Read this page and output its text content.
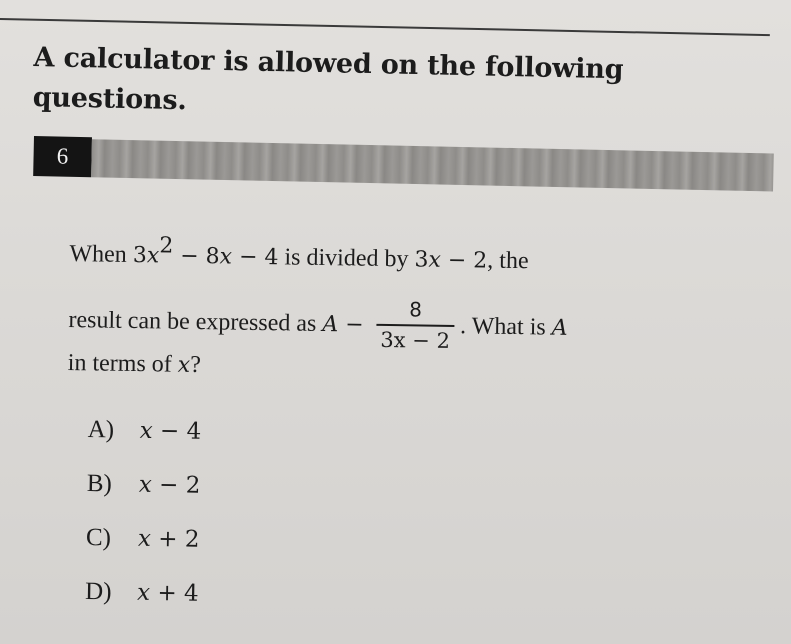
A calculator is allowed on the following
questions.
6
When $3x^2 - 8x - 4$ is divided by 3x − 2, the
result can be expressed as $A - \frac{8}{3x - 2}$ . What is A
in terms of x?
A)	x − 4
B)	x − 2
C)	x + 2
D)	x + 4
